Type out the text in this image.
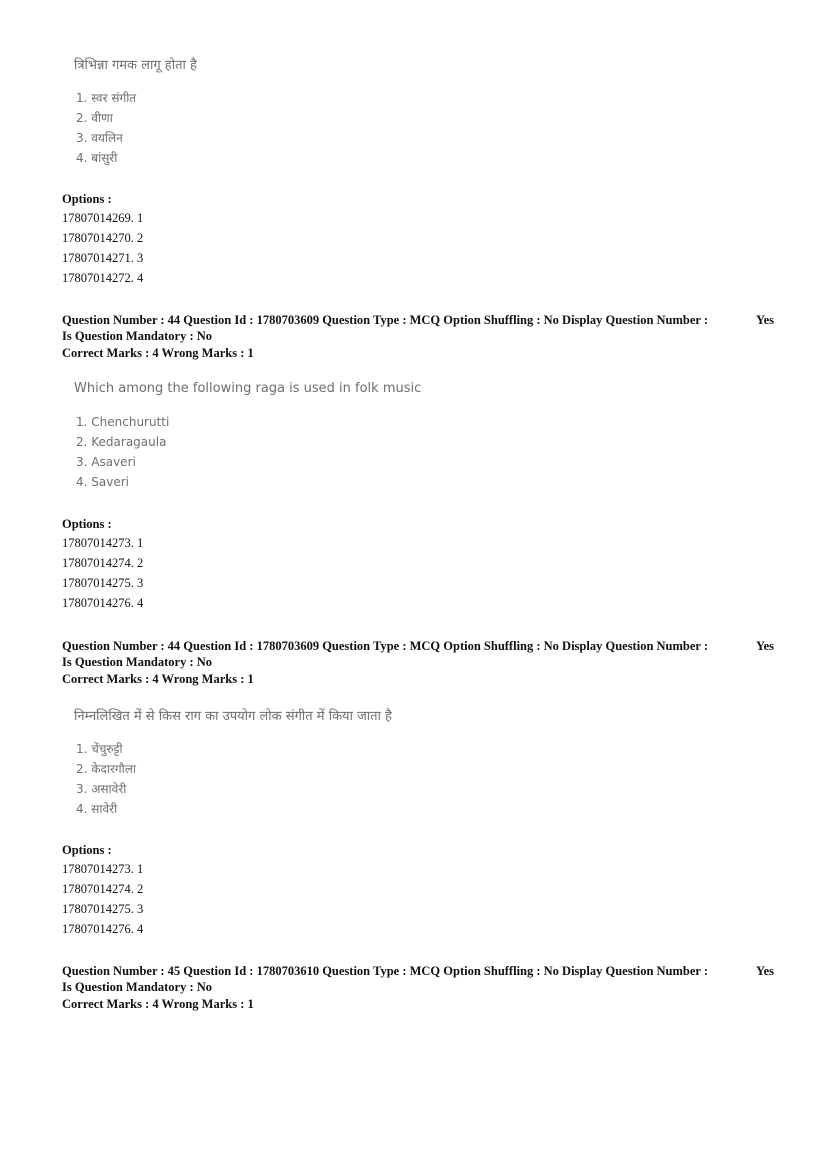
त्रिभिन्ना गमक लागू होता है
1. स्वर संगीत
2. वीणा
3. वयलिन
4. बांसुरी
Options :
17807014269. 1
17807014270. 2
17807014271. 3
17807014272. 4
Question Number : 44 Question Id : 1780703609 Question Type : MCQ Option Shuffling : No Display Question Number :	Yes
Is Question Mandatory : No
Correct Marks : 4 Wrong Marks : 1
Which among the following raga is used in folk music
1. Chenchurutti
2. Kedaragaula
3. Asaveri
4. Saveri
Options :
17807014273. 1
17807014274. 2
17807014275. 3
17807014276. 4
Question Number : 44 Question Id : 1780703609 Question Type : MCQ Option Shuffling : No Display Question Number :	Yes
Is Question Mandatory : No
Correct Marks : 4 Wrong Marks : 1
निम्नलिखित में से किस राग का उपयोग लोक संगीत में किया जाता है
1. चेंचुरुट्टी
2. केदारगौला
3. असावेरी
4. सावेरी
Options :
17807014273. 1
17807014274. 2
17807014275. 3
17807014276. 4
Question Number : 45 Question Id : 1780703610 Question Type : MCQ Option Shuffling : No Display Question Number :	Yes
Is Question Mandatory : No
Correct Marks : 4 Wrong Marks : 1
